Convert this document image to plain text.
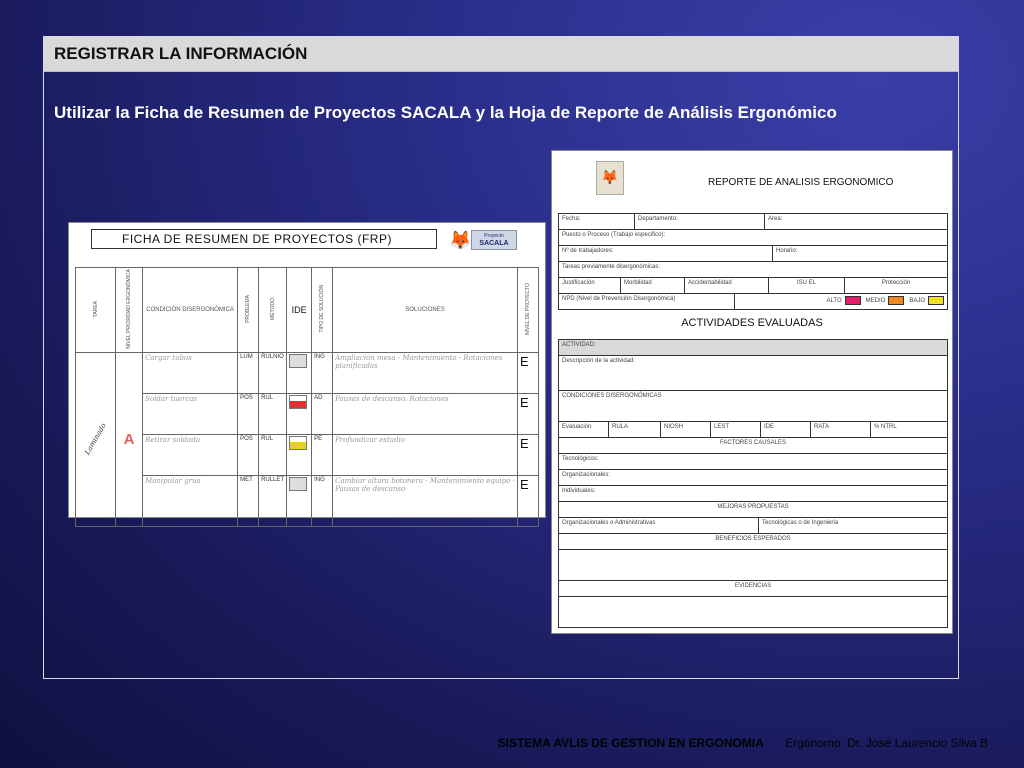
REGISTRAR LA INFORMACIÓN
Utilizar la Ficha de Resumen de Proyectos SACALA y la Hoja de Reporte de Análisis Ergonómico
FICHA DE RESUMEN DE PROYECTOS (FRP)	🦊	Proyecto
SACALA
TAREA	NIVEL PRIORIDAD ERGONÓMICA	CONDICIÓN DISERGONÓMICA	PROBLEMA	MÉTODO	IDE	TIPO DE SOLUCIÓN	SOLUCIONES	NIVEL DE PROYECTO
Laminado	A	Cargar tubos	LUM	RULNIO		ING	Ampliación mesa - Mantenimiento - Rotaciones planificadas	E
		Soldar tuercas	POS	RUL		AD	Pausas de descanso. Rotaciones	E
		Retirar soldado	POS	RUL		PE	Profundizar estudio	E
		Manipular grua	MET	RULLET		ING	Cambiar altura botonera - Mantenimiento equipo - Pausas de descanso	E
🦊	REPORTE DE ANALISIS ERGONOMICO
Fecha:	Departamento:	Area:
Puesto o Proceso (Trabajo especifico):
Nº de trabajadores:	Horario:
Tareas previamente disergonómicas:
Justificación	Morbilidad	Accidentabilidad	ISU EL	Protección
NPD (Nivel de Prevención Disergonómica)	ALTO	MEDIO	BAJO
ACTIVIDADES EVALUADAS
ACTIVIDAD:
Descripción de la actividad:
CONDICIONES DISERGONÓMICAS
Evaluación	RULA	NIOSH	LEST	IDE	RATA	% NTRL
FACTORES CAUSALES
Tecnológicos:
Organizacionales:
Individuales:
MEJORAS PROPUESTAS
Organizacionales o Administrativas	Tecnológicas o de Ingeniería
BENEFICIOS ESPERADOS
EVIDENCIAS
SISTEMA AVLIS DE GESTION EN ERGONOMIA Ergónomo: Dr. José Laurencio Silva B
